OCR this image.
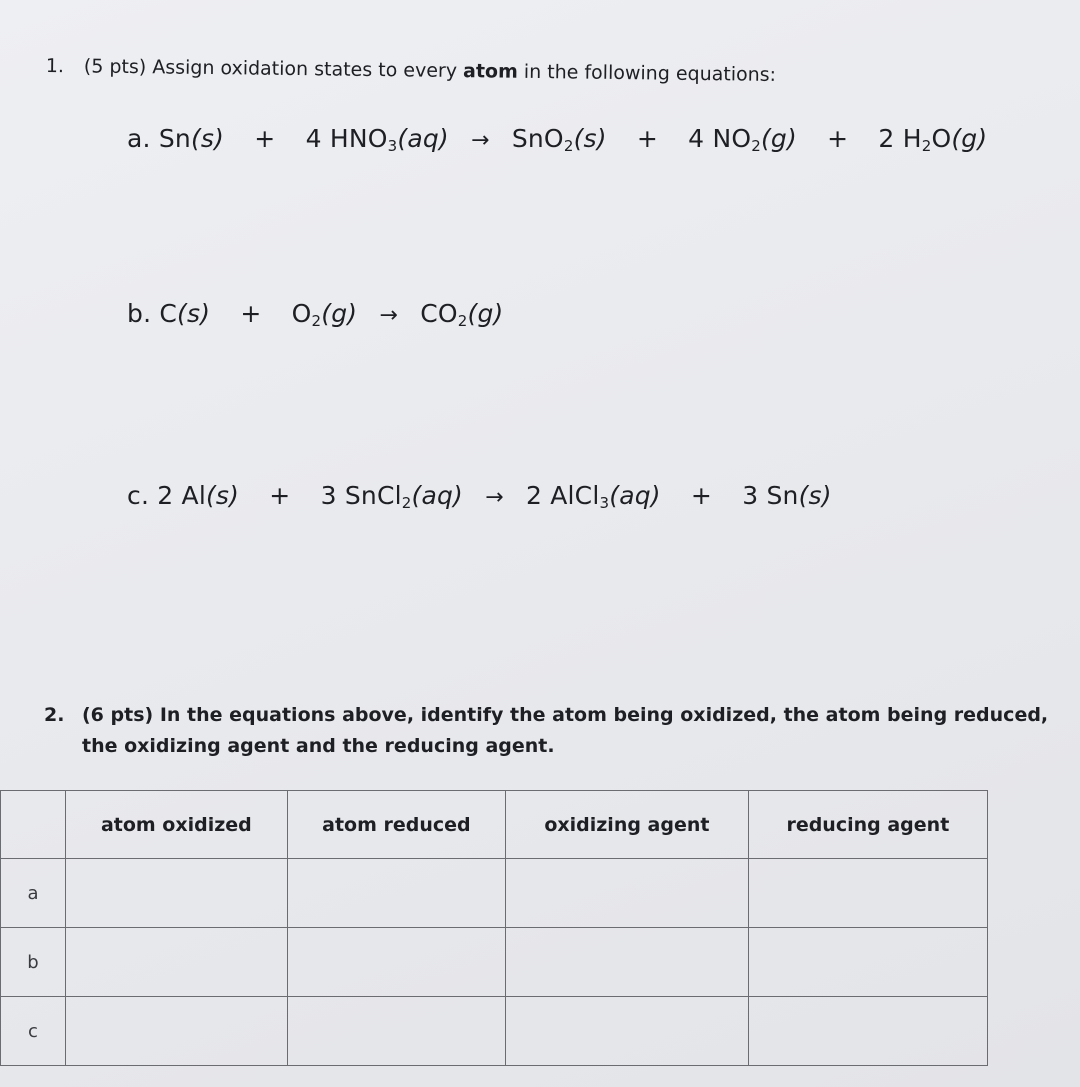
1. (5 pts) Assign oxidation states to every atom in the following equations:
a. Sn(s) + 4 $HNO_3(aq) \to SnO_2(s) + 4$ $NO_2(g) + 2$ $H_2O(g)$
b. $C(s) + O_2(g) \to CO_2(g)$
c. 2 Al(s) + 3 SnCl$_2$(aq) → 2 AlCl$_3$(aq) + 3 Sn(s)
2. (6 pts) In the equations above, identify the atom being oxidized, the atom being reduced,
the oxidizing agent and the reducing agent.
	atom oxidized	atom reduced	oxidizing agent	reducing agent
a				
b				
c				
